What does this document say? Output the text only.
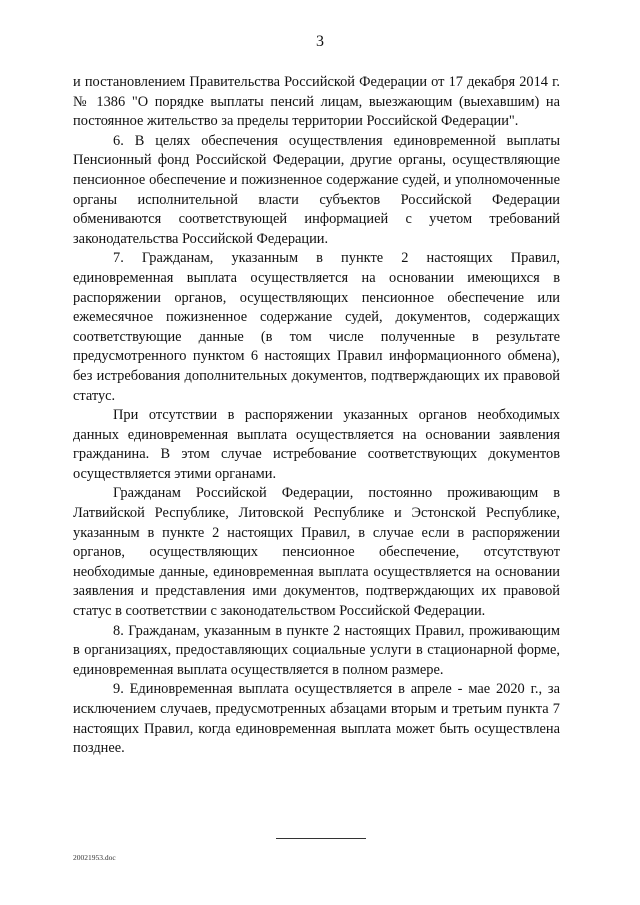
3

и постановлением Правительства Российской Федерации от 17 декабря 2014 г. № 1386 "О порядке выплаты пенсий лицам, выезжающим (выехавшим) на постоянное жительство за пределы территории Российской Федерации".

6. В целях обеспечения осуществления единовременной выплаты Пенсионный фонд Российской Федерации, другие органы, осуществляющие пенсионное обеспечение и пожизненное содержание судей, и уполномоченные органы исполнительной власти субъектов Российской Федерации обмениваются соответствующей информацией с учетом требований законодательства Российской Федерации.

7. Гражданам, указанным в пункте 2 настоящих Правил, единовременная выплата осуществляется на основании имеющихся в распоряжении органов, осуществляющих пенсионное обеспечение или ежемесячное пожизненное содержание судей, документов, содержащих соответствующие данные (в том числе полученные в результате предусмотренного пунктом 6 настоящих Правил информационного обмена), без истребования дополнительных документов, подтверждающих их правовой статус.

При отсутствии в распоряжении указанных органов необходимых данных единовременная выплата осуществляется на основании заявления гражданина. В этом случае истребование соответствующих документов осуществляется этими органами.

Гражданам Российской Федерации, постоянно проживающим в Латвийской Республике, Литовской Республике и Эстонской Республике, указанным в пункте 2 настоящих Правил, в случае если в распоряжении органов, осуществляющих пенсионное обеспечение, отсутствуют необходимые данные, единовременная выплата осуществляется на основании заявления и представления ими документов, подтверждающих их правовой статус в соответствии с законодательством Российской Федерации.

8. Гражданам, указанным в пункте 2 настоящих Правил, проживающим в организациях, предоставляющих социальные услуги в стационарной форме, единовременная выплата осуществляется в полном размере.

9. Единовременная выплата осуществляется в апреле - мае 2020 г., за исключением случаев, предусмотренных абзацами вторым и третьим пункта 7 настоящих Правил, когда единовременная выплата может быть осуществлена позднее.

20021953.doc
